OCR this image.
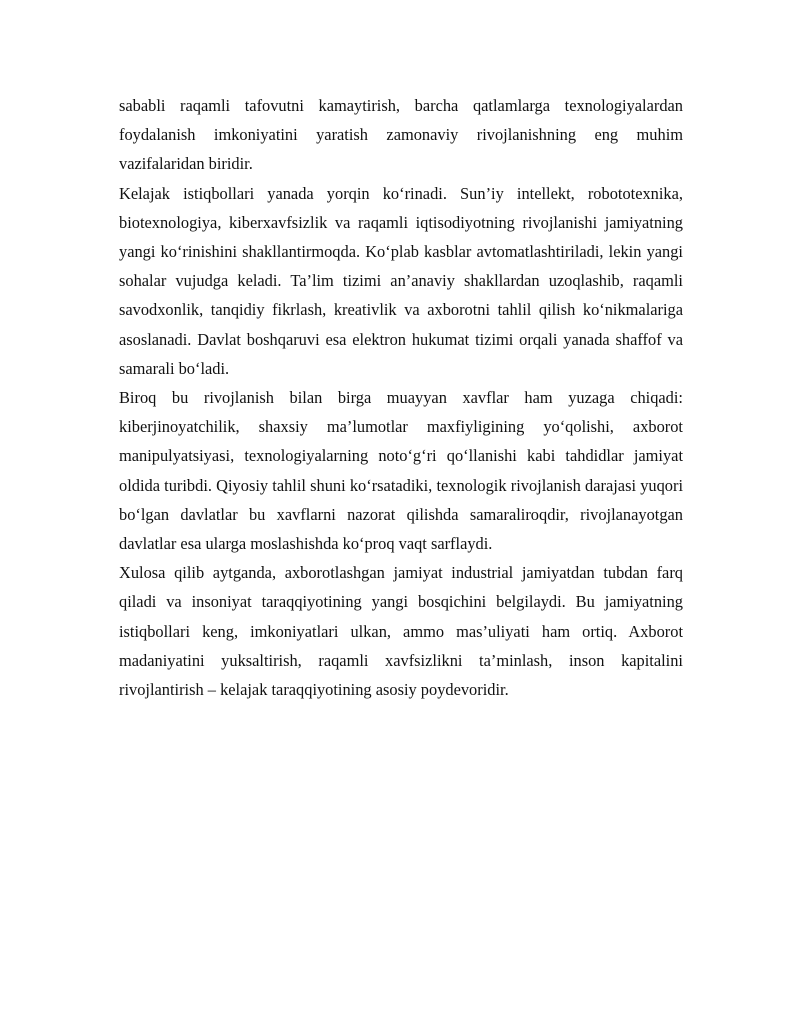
sababli raqamli tafovutni kamaytirish, barcha qatlamlarga texnologiyalardan foydalanish imkoniyatini yaratish zamonaviy rivojlanishning eng muhim vazifalaridan biridir.

Kelajak istiqbollari yanada yorqin ko‘rinadi. Sun’iy intellekt, robototexnika, biotexnologiya, kiberxavfsizlik va raqamli iqtisodiyotning rivojlanishi jamiyatning yangi ko‘rinishini shakllantirmoqda. Ko‘plab kasblar avtomatlashtiriladi, lekin yangi sohalar vujudga keladi. Ta’lim tizimi an’anaviy shakllardan uzoqlashib, raqamli savodxonlik, tanqidiy fikrlash, kreativlik va axborotni tahlil qilish ko‘nikmalariga asoslanadi. Davlat boshqaruvi esa elektron hukumat tizimi orqali yanada shaffof va samarali bo‘ladi.

Biroq bu rivojlanish bilan birga muayyan xavflar ham yuzaga chiqadi: kiberjinoyatchilik, shaxsiy ma’lumotlar maxfiyligining yo‘qolishi, axborot manipulyatsiyasi, texnologiyalarning noto‘g‘ri qo‘llanishi kabi tahdidlar jamiyat oldida turibdi. Qiyosiy tahlil shuni ko‘rsatadiki, texnologik rivojlanish darajasi yuqori bo‘lgan davlatlar bu xavflarni nazorat qilishda samaraliroqdir, rivojlanayotgan davlatlar esa ularga moslashishda ko‘proq vaqt sarflaydi.

Xulosa qilib aytganda, axborotlashgan jamiyat industrial jamiyatdan tubdan farq qiladi va insoniyat taraqqiyotining yangi bosqichini belgilaydi. Bu jamiyatning istiqbollari keng, imkoniyatlari ulkan, ammo mas’uliyati ham ortiq. Axborot madaniyatini yuksaltirish, raqamli xavfsizlikni ta’minlash, inson kapitalini rivojlantirish – kelajak taraqqiyotining asosiy poydevoridir.
